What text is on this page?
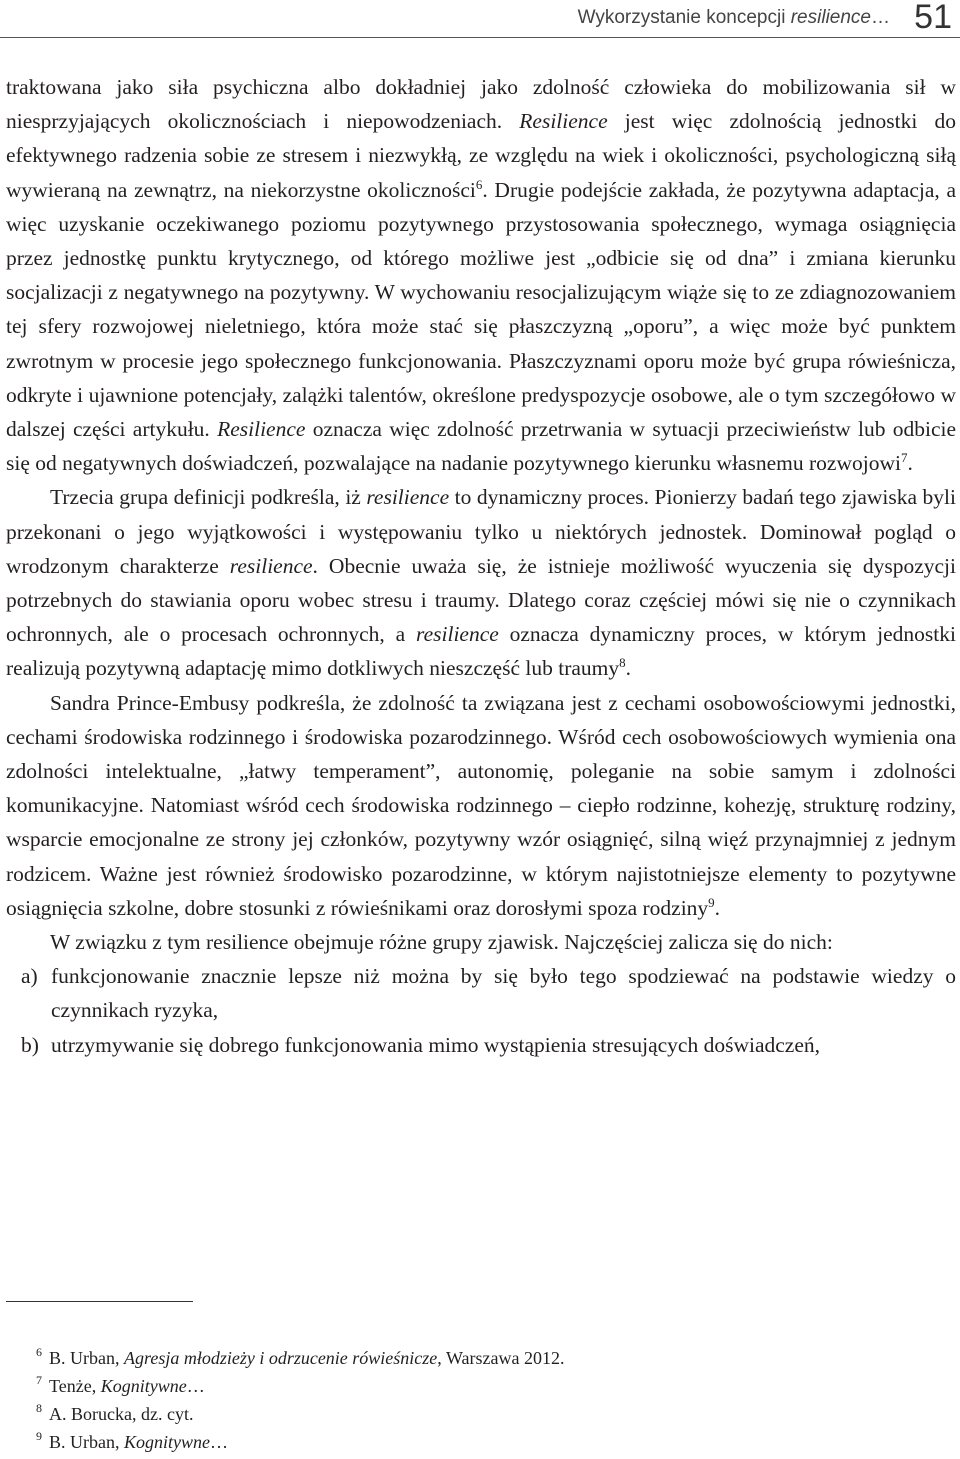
Wykorzystanie koncepcji resilience… 51

traktowana jako siła psychiczna albo dokładniej jako zdolność człowieka do mobilizowania sił w niesprzyjających okolicznościach i niepowodzeniach. Resilience jest więc zdolnością jednostki do efektywnego radzenia sobie ze stresem i niezwykłą, ze względu na wiek i okoliczności, psychologiczną siłą wywieraną na zewnątrz, na niekorzystne okoliczności$^6$. Drugie podejście zakłada, że pozytywna adaptacja, a więc uzyskanie oczekiwanego poziomu pozytywnego przystosowania społecznego, wymaga osiągnięcia przez jednostkę punktu krytycznego, od którego możliwe jest „odbicie się od dna” i zmiana kierunku socjalizacji z negatywnego na pozytywny. W wychowaniu resocjalizującym wiąże się to ze zdiagnozowaniem tej sfery rozwojowej nieletniego, która może stać się płaszczyzną „oporu”, a więc może być punktem zwrotnym w procesie jego społecznego funkcjonowania. Płaszczyznami oporu może być grupa rówieśnicza, odkryte i ujawnione potencjały, zalążki talentów, określone predyspozycje osobowe, ale o tym szczegółowo w dalszej części artykułu. Resilience oznacza więc zdolność przetrwania w sytuacji przeciwieństw lub odbicie się od negatywnych doświadczeń, pozwalające na nadanie pozytywnego kierunku własnemu rozwojowi$^7$.

Trzecia grupa definicji podkreśla, iż resilience to dynamiczny proces. Pionierzy badań tego zjawiska byli przekonani o jego wyjątkowości i występowaniu tylko u niektórych jednostek. Dominował pogląd o wrodzonym charakterze resilience. Obecnie uważa się, że istnieje możliwość wyuczenia się dyspozycji potrzebnych do stawiania oporu wobec stresu i traumy. Dlatego coraz częściej mówi się nie o czynnikach ochronnych, ale o procesach ochronnych, a resilience oznacza dynamiczny proces, w którym jednostki realizują pozytywną adaptację mimo dotkliwych nieszczęść lub traumy$^8$.

Sandra Prince-Embusy podkreśla, że zdolność ta związana jest z cechami osobowościowymi jednostki, cechami środowiska rodzinnego i środowiska pozarodzinnego. Wśród cech osobowościowych wymienia ona zdolności intelektualne, „łatwy temperament”, autonomię, poleganie na sobie samym i zdolności komunikacyjne. Natomiast wśród cech środowiska rodzinnego – ciepło rodzinne, kohezję, strukturę rodziny, wsparcie emocjonalne ze strony jej członków, pozytywny wzór osiągnięć, silną więź przynajmniej z jednym rodzicem. Ważne jest również środowisko pozarodzinne, w którym najistotniejsze elementy to pozytywne osiągnięcia szkolne, dobre stosunki z rówieśnikami oraz dorosłymi spoza rodziny$^9$.

W związku z tym resilience obejmuje różne grupy zjawisk. Najczęściej zalicza się do nich:

a) funkcjonowanie znacznie lepsze niż można by się było tego spodziewać na podstawie wiedzy o czynnikach ryzyka,
b) utrzymywanie się dobrego funkcjonowania mimo wystąpienia stresujących doświadczeń,
6 B. Urban, Agresja młodzieży i odrzucenie rówieśnicze, Warszawa 2012.
7 Tenże, Kognitywne…
8 A. Borucka, dz. cyt.
9 B. Urban, Kognitywne…
